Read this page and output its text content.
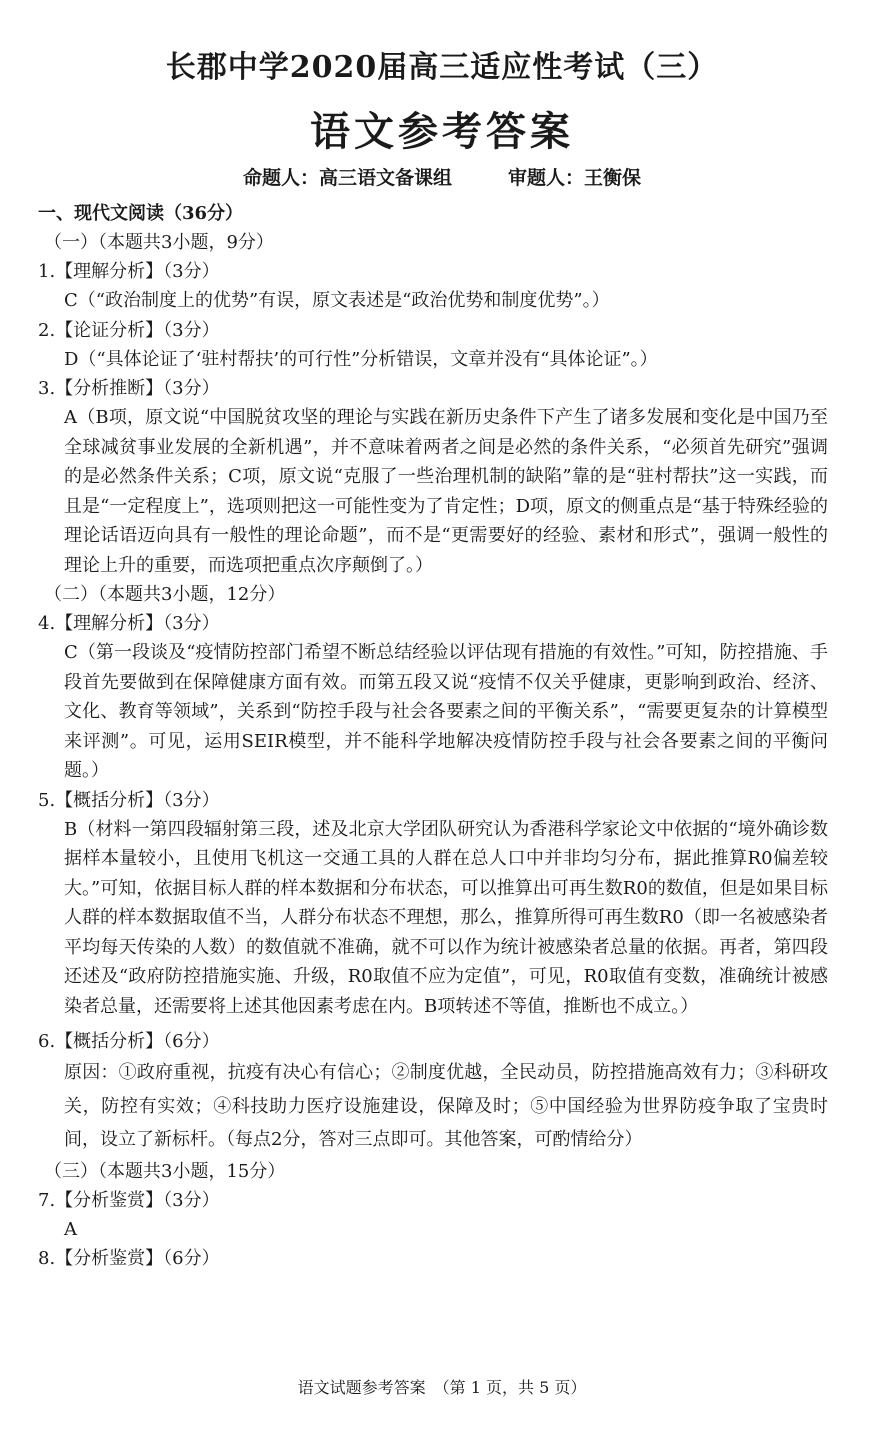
长郡中学2020届高三适应性考试（三）
语文参考答案
命题人：高三语文备课组	审题人：王衡保
一、现代文阅读（36分）
（一）（本题共3小题，9分）
1.【理解分析】（3分）
C（“政治制度上的优势”有误，原文表述是“政治优势和制度优势”。）
2.【论证分析】（3分）
D（“具体论证了‘驻村帮扶’的可行性”分析错误，文章并没有“具体论证”。）
3.【分析推断】（3分）
A（B项，原文说“中国脱贫攻坚的理论与实践在新历史条件下产生了诸多发展和变化是中国乃至全球减贫事业发展的全新机遇”，并不意味着两者之间是必然的条件关系，“必须首先研究”强调的是必然条件关系；C项，原文说“克服了一些治理机制的缺陷”靠的是“驻村帮扶”这一实践，而且是“一定程度上”，选项则把这一可能性变为了肯定性；D项，原文的侧重点是“基于特殊经验的理论话语迈向具有一般性的理论命题”，而不是“更需要好的经验、素材和形式”，强调一般性的理论上升的重要，而选项把重点次序颠倒了。）
（二）（本题共3小题，12分）
4.【理解分析】（3分）
C（第一段谈及“疫情防控部门希望不断总结经验以评估现有措施的有效性。”可知，防控措施、手段首先要做到在保障健康方面有效。而第五段又说“疫情不仅关乎健康，更影响到政治、经济、文化、教育等领域”，关系到“防控手段与社会各要素之间的平衡关系”，“需要更复杂的计算模型来评测”。可见，运用SEIR模型，并不能科学地解决疫情防控手段与社会各要素之间的平衡问题。）
5.【概括分析】（3分）
B（材料一第四段辐射第三段，述及北京大学团队研究认为香港科学家论文中依据的“境外确诊数据样本量较小，且使用飞机这一交通工具的人群在总人口中并非均匀分布，据此推算R0偏差较大。”可知，依据目标人群的样本数据和分布状态，可以推算出可再生数R0的数值，但是如果目标人群的样本数据取值不当，人群分布状态不理想，那么，推算所得可再生数R0（即一名被感染者平均每天传染的人数）的数值就不准确，就不可以作为统计被感染者总量的依据。再者，第四段还述及“政府防控措施实施、升级，R0取值不应为定值”，可见，R0取值有变数，准确统计被感染者总量，还需要将上述其他因素考虑在内。B项转述不等值，推断也不成立。）
6.【概括分析】（6分）
原因：①政府重视，抗疫有决心有信心；②制度优越，全民动员，防控措施高效有力；③科研攻关，防控有实效；④科技助力医疗设施建设，保障及时；⑤中国经验为世界防疫争取了宝贵时间，设立了新标杆。（每点2分，答对三点即可。其他答案，可酌情给分）
（三）（本题共3小题，15分）
7.【分析鉴赏】（3分）
A
8.【分析鉴赏】（6分）
语文试题参考答案　（第 1 页，共 5 页）
